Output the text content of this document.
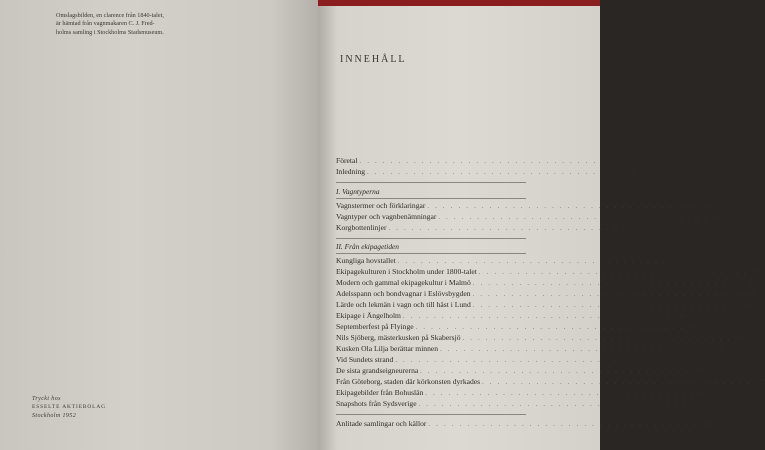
Omslagsbilden, en clarence från 1840-talet,
är hämtad från vagnmakaren C. J. Fred-
holms samling i Stockholms Stadsmuseum.
Tryckt hos
ESSELTE AKTIEBOLAG
Stockholm 1952
INNEHÅLL
Företal . . . . . . . . . . . . . . . . . . . . . . . . . . . . . . . . . . .	5
Inledning . . . . . . . . . . . . . . . . . . . . . . . . . . . . . . . . . . .	7
I. Vagntyperna
Vagnstermer och förklaringar . . . . . . . . . . . . . . . . . . . . . . . . . . . . . . . . . . . 11
Vagntyper och vagnbenämningar . . . . . . . . . . . . . . . . . . . . . . . . . . . . . . . . . . . 31
Korgbottenlinjer . . . . . . . . . . . . . . . . . . . . . . . . . . . . . . . . . . . 47
II. Från ekipagetiden
Kungliga hovstallet . . . . . . . . . . . . . . . . . . . . . . . . . . . . . . . . . . . 61
Ekipagekulturen i Stockholm under 1800-talet . . . . . . . . . . . . . . . . . . . . . . . . . . . . . . . . . . . 78
Modern och gammal ekipagekultur i Malmö . . . . . . . . . . . . . . . . . . . . . . . . . . . . . . . . . . . 99
Adelsspann och bondvagnar i Eslövsbygden . . . . . . . . . . . . . . . . . . . . . . . . . . . . . . . . . . . 130
Lärde och lekmän i vagn och till häst i Lund . . . . . . . . . . . . . . . . . . . . . . . . . . . . . . . . . . . 138
Ekipage i Ängelholm . . . . . . . . . . . . . . . . . . . . . . . . . . . . . . . . . . . 144
Septemberfest på Flyinge . . . . . . . . . . . . . . . . . . . . . . . . . . . . . . . . . . . 150
Nils Sjöberg, mästerkusken på Skabersjö . . . . . . . . . . . . . . . . . . . . . . . . . . . . . . . . . . . 156
Kusken Ola Lilja berättar minnen . . . . . . . . . . . . . . . . . . . . . . . . . . . . . . . . . . . 164
Vid Sundets strand . . . . . . . . . . . . . . . . . . . . . . . . . . . . . . . . . . . 171
De sista grandseigneurerna . . . . . . . . . . . . . . . . . . . . . . . . . . . . . . . . . . . 174
Från Göteborg, staden där körkonsten dyrkades . . . . . . . . . . . . . . . . . . . . . . . . . . . . . . . . . . . 177
Ekipagebilder från Bohuslän . . . . . . . . . . . . . . . . . . . . . . . . . . . . . . . . . . . 183
Snapshots från Sydsverige . . . . . . . . . . . . . . . . . . . . . . . . . . . . . . . . . . . 193
Anlitade samlingar och källor . . . . . . . . . . . . . . . . . . . . . . . . . . . . . . . . . . . 200
